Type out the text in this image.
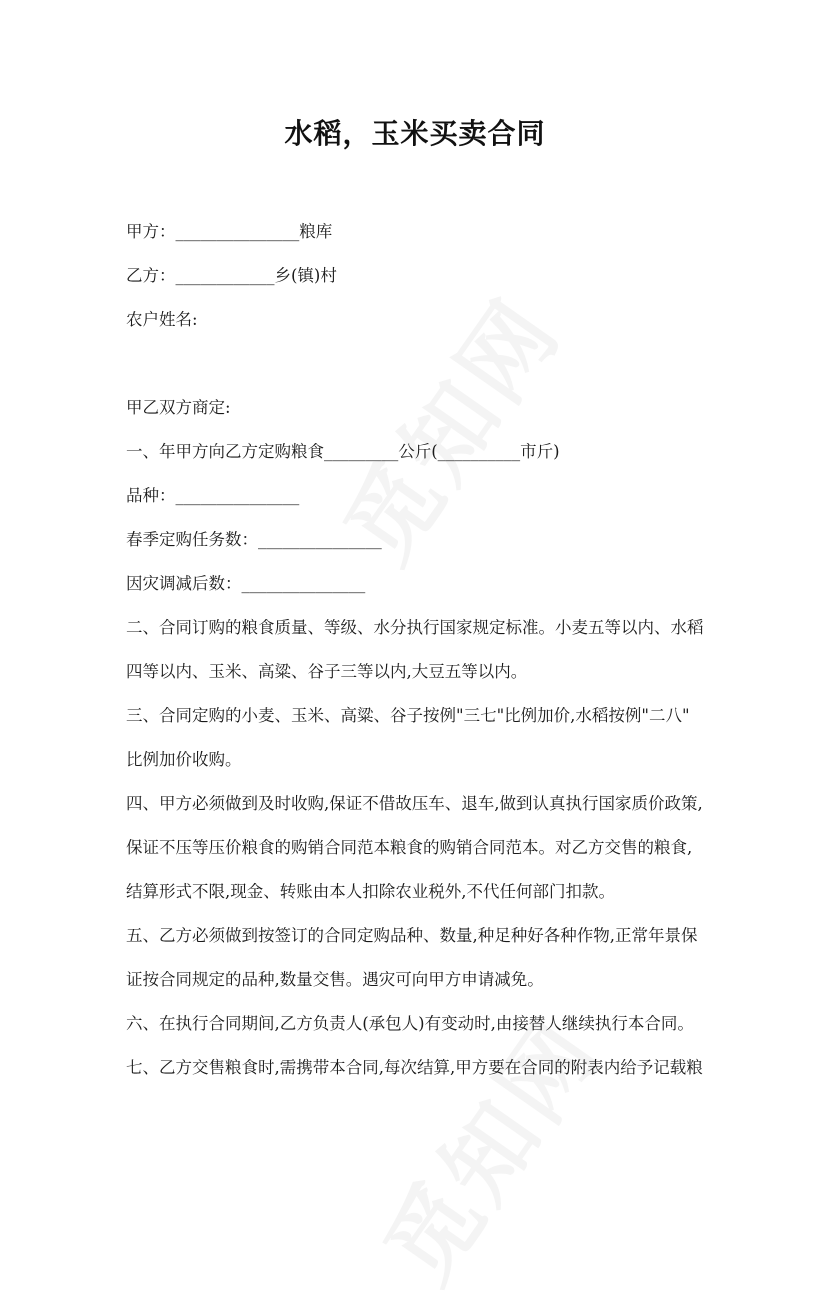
水稻，玉米买卖合同

甲方：_______________粮库

乙方：____________乡(镇)村

农户姓名:

甲乙双方商定:

一、年甲方向乙方定购粮食_________公斤(__________市斤)

品种：_______________

春季定购任务数：_______________

因灾调减后数：_______________

二、合同订购的粮食质量、等级、水分执行国家规定标准。小麦五等以内、水稻

四等以内、玉米、高粱、谷子三等以内,大豆五等以内。

三、合同定购的小麦、玉米、高粱、谷子按例"三七"比例加价,水稻按例"二八"

比例加价收购。

四、甲方必须做到及时收购,保证不借故压车、退车,做到认真执行国家质价政策,

保证不压等压价粮食的购销合同范本粮食的购销合同范本。对乙方交售的粮食,

结算形式不限,现金、转账由本人扣除农业税外,不代任何部门扣款。

五、乙方必须做到按签订的合同定购品种、数量,种足种好各种作物,正常年景保

证按合同规定的品种,数量交售。遇灾可向甲方申请减免。

六、在执行合同期间,乙方负责人(承包人)有变动时,由接替人继续执行本合同。

七、乙方交售粮食时,需携带本合同,每次结算,甲方要在合同的附表内给予记载粮
